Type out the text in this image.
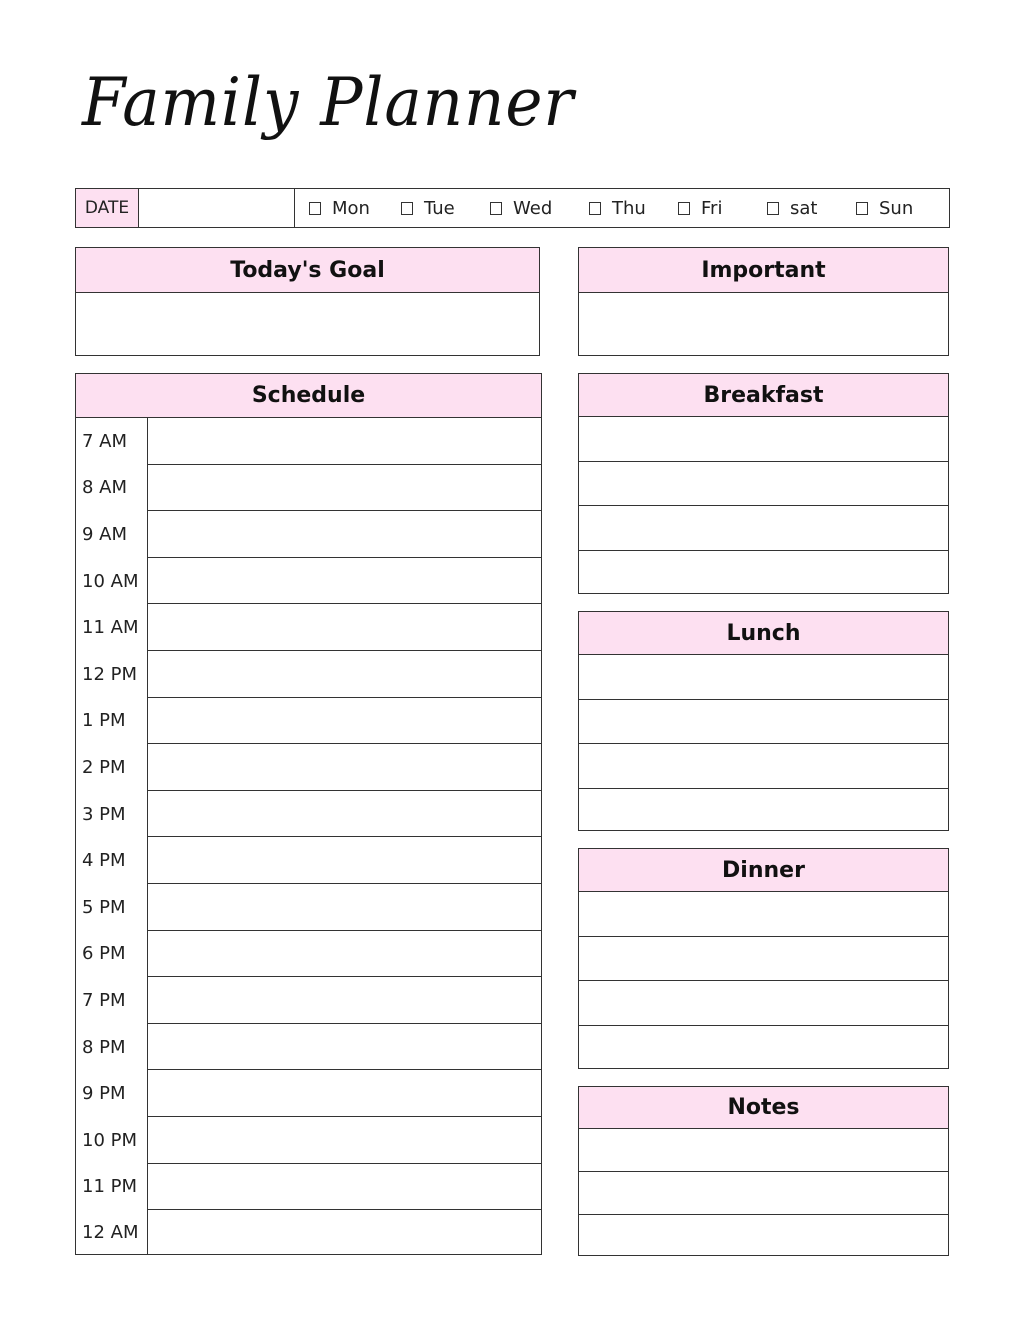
Family Planner
DATE	Mon	Tue	Wed	Thu	Fri	sat	Sun
Today's Goal	Important
Schedule
7 AM
8 AM
9 AM
10 AM
11 AM
12 PM
1 PM
2 PM
3 PM
4 PM
5 PM
6 PM
7 PM
8 PM
9 PM
10 PM
11 PM
12 AM
Breakfast
Lunch
Dinner
Notes
